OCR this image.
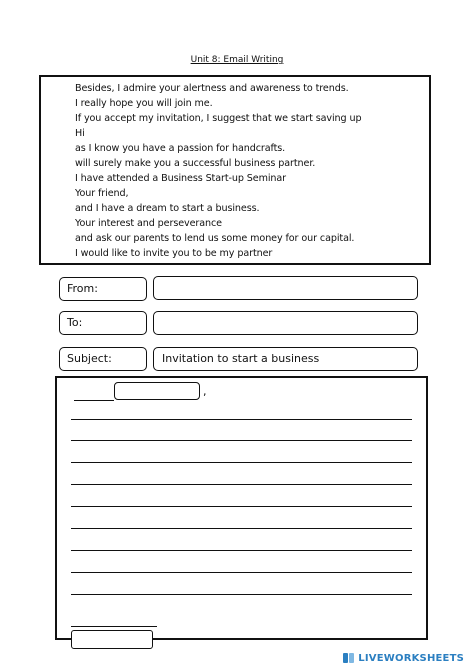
Unit 8: Email Writing
Besides, I admire your alertness and awareness to trends.
I really hope you will join me.
If you accept my invitation, I suggest that we start saving up
Hi
as I know you have a passion for handcrafts.
will surely make you a successful business partner.
I have attended a Business Start-up Seminar
Your friend,
and I have a dream to start a business.
Your interest and perseverance
and ask our parents to lend us some money for our capital.
I would like to invite you to be my partner
From:
To:
Subject:	Invitation to start a business
,
LIVEWORKSHEETS
